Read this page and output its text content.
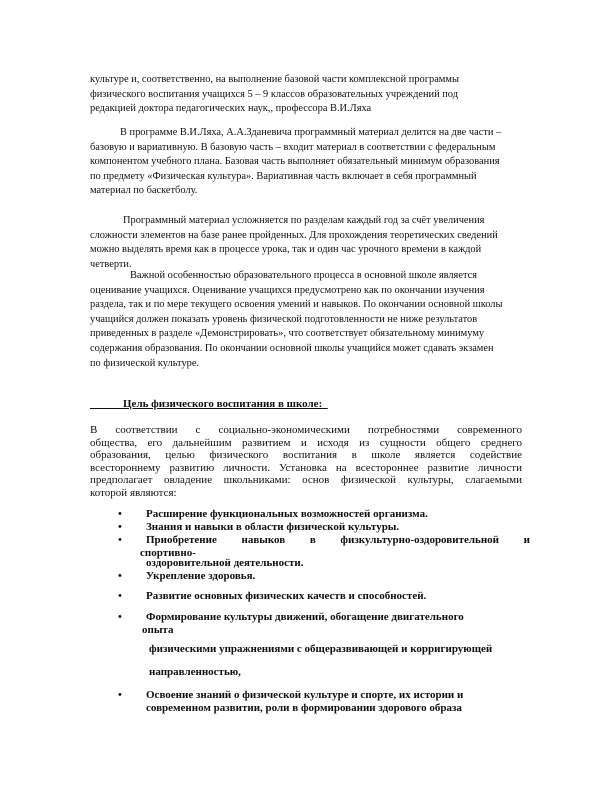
культуре и, соответственно, на выполнение базовой части комплексной программы
физического воспитания учащихся 5 – 9 классов образовательных учреждений под
редакцией доктора педагогических наук,, профессора В.И.Ляха

В программе В.И.Ляха, А.А.Зданевича программный материал делится на две части –
базовую и вариативную. В базовую часть – входит материал в соответствии с федеральным
компонентом учебного плана. Базовая часть выполняет обязательный минимум образования
по предмету «Физическая культура». Вариативная часть включает в себя программный
материал по баскетболу.

Программный материал усложняется по разделам каждый год за счёт увеличения
сложности элементов на базе ранее пройденных. Для прохождения теоретических сведений
можно выделять время как в процессе урока, так и один час урочного времени в каждой
четверти.

Важной особенностью образовательного процесса в основной школе является
оценивание учащихся. Оценивание учащихся предусмотрено как по окончании изучения
раздела, так и по мере текущего освоения умений и навыков. По окончании основной школы
учащийся должен показать уровень физической подготовленности не ниже результатов
приведенных в разделе «Демонстрировать», что соответствует обязательному минимуму
содержания образования. По окончании основной школы учащийся может сдавать экзамен
по физической культуре.

Цель физического воспитания в школе:

В соответствии с социально-экономическими потребностями современного
общества, его дальнейшим развитием и исходя из сущности общего среднего
образования, целью физического воспитания в школе является содействие
всестороннему развитию личности. Установка на всестороннее развитие личности
предполагает овладение школьниками: основ физической культуры, слагаемыми
которой являются:

• Расширение функциональных возможностей организма.
• Знания и навыки в области физической культуры.
• Приобретение навыков в физкультурно-оздоровительной и
спортивно-
оздоровительной деятельности.
• Укрепление здоровья.
• Развитие основных физических качеств и способностей.
• Формирование культуры движений, обогащение двигательного
опыта
физическими упражнениями с общеразвивающей и корригирующей
направленностью,
• Освоение знаний о физической культуре и спорте, их истории и
современном развитии, роли в формировании здорового образа
